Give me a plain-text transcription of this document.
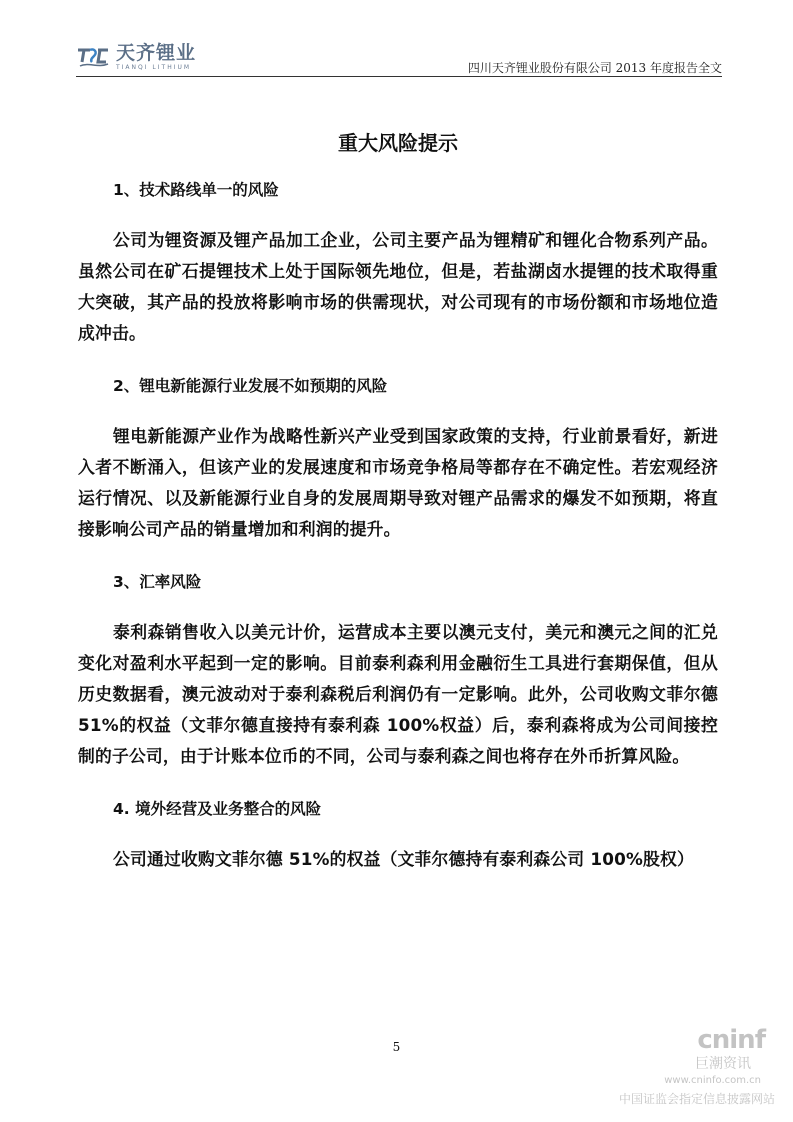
天齐锂业
TIANQI LITHIUM	四川天齐锂业股份有限公司 2013 年度报告全文
重大风险提示
1、技术路线单一的风险

公司为锂资源及锂产品加工企业，公司主要产品为锂精矿和锂化合物系列产品。虽然公司在矿石提锂技术上处于国际领先地位，但是，若盐湖卤水提锂的技术取得重大突破，其产品的投放将影响市场的供需现状，对公司现有的市场份额和市场地位造成冲击。

2、锂电新能源行业发展不如预期的风险

锂电新能源产业作为战略性新兴产业受到国家政策的支持，行业前景看好，新进入者不断涌入，但该产业的发展速度和市场竞争格局等都存在不确定性。若宏观经济运行情况、以及新能源行业自身的发展周期导致对锂产品需求的爆发不如预期，将直接影响公司产品的销量增加和利润的提升。

3、汇率风险

泰利森销售收入以美元计价，运营成本主要以澳元支付，美元和澳元之间的汇兑变化对盈利水平起到一定的影响。目前泰利森利用金融衍生工具进行套期保值，但从历史数据看，澳元波动对于泰利森税后利润仍有一定影响。此外，公司收购文菲尔德 51%的权益（文菲尔德直接持有泰利森 100%权益）后，泰利森将成为公司间接控制的子公司，由于计账本位币的不同，公司与泰利森之间也将存在外币折算风险。

4. 境外经营及业务整合的风险

公司通过收购文菲尔德 51%的权益（文菲尔德持有泰利森公司 100%股权）

5	cninf
巨潮资讯
www.cninfo.com.cn
中国证监会指定信息披露网站
